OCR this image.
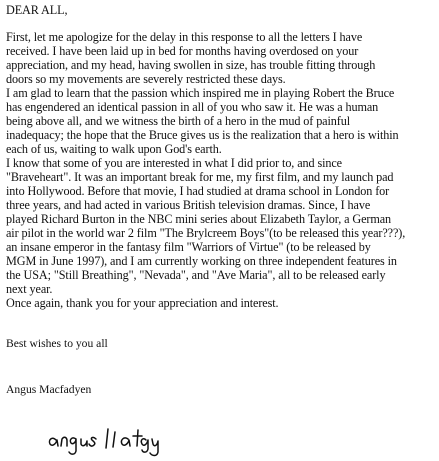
DEAR ALL,
First, let me apologize for the delay in this response to all the letters I have
received. I have been laid up in bed for months having overdosed on your
appreciation, and my head, having swollen in size, has trouble fitting through
doors so my movements are severely restricted these days.
I am glad to learn that the passion which inspired me in playing Robert the Bruce
has engendered an identical passion in all of you who saw it. He was a human
being above all, and we witness the birth of a hero in the mud of painful
inadequacy; the hope that the Bruce gives us is the realization that a hero is within
each of us, waiting to walk upon God's earth.
I know that some of you are interested in what I did prior to, and since
"Braveheart". It was an important break for me, my first film, and my launch pad
into Hollywood. Before that movie, I had studied at drama school in London for
three years, and had acted in various British television dramas. Since, I have
played Richard Burton in the NBC mini series about Elizabeth Taylor, a German
air pilot in the world war 2 film "The Brylcreem Boys"(to be released this year???),
an insane emperor in the fantasy film "Warriors of Virtue" (to be released by
MGM in June 1997), and I am currently working on three independent features in
the USA; "Still Breathing", "Nevada", and "Ave Maria", all to be released early
next year.
Once again, thank you for your appreciation and interest.
Best wishes to you all
Angus Macfadyen
